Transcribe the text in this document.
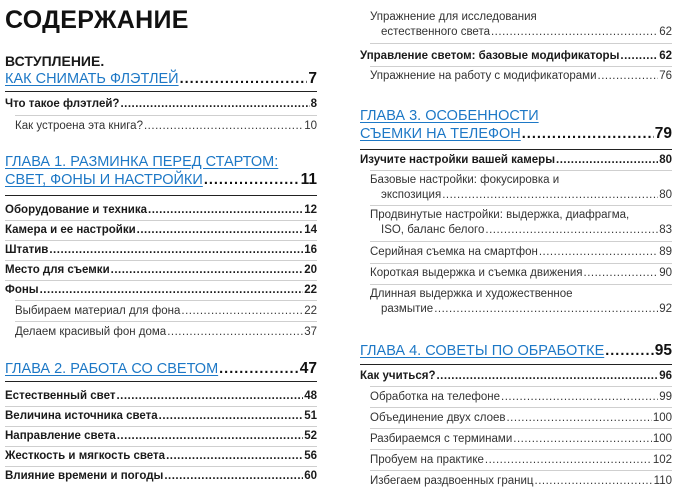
СОДЕРЖАНИЕ
ВСТУПЛЕНИЕ.
КАК СНИМАТЬ ФЛЭТЛЕЙ .....	7
Что такое флэтлей? .....	8
Как устроена эта книга? .....	10
ГЛАВА 1. РАЗМИНКА ПЕРЕД СТАРТОМ:
СВЕТ, ФОНЫ И НАСТРОЙКИ .....	11
Оборудование и техника .....	12
Камера и ее настройки .....	14
Штатив .....	16
Место для съемки .....	20
Фоны .....	22
Выбираем материал для фона .....	22
Делаем красивый фон дома .....	37
ГЛАВА 2. РАБОТА СО СВЕТОМ .....	47
Естественный свет .....	48
Величина источника света .....	51
Направление света .....	52
Жесткость и мягкость света .....	56
Влияние времени и погоды .....	60
Упражнение для исследования
естественного света .....	62
Управление светом: базовые модификаторы .....	62
Упражнение на работу с модификаторами .....	76
ГЛАВА 3. ОСОБЕННОСТИ
СЪЕМКИ НА ТЕЛЕФОН .....	79
Изучите настройки вашей камеры .....	80
Базовые настройки: фокусировка и
экспозиция .....	80
Продвинутые настройки: выдержка, диафрагма,
ISO, баланс белого .....	83
Серийная съемка на смартфон .....	89
Короткая выдержка и съемка движения .....	90
Длинная выдержка и художественное
размытие .....	92
ГЛАВА 4. СОВЕТЫ ПО ОБРАБОТКЕ .....	95
Как учиться? .....	96
Обработка на телефоне .....	99
Объединение двух слоев .....	100
Разбираемся с терминами .....	100
Пробуем на практике .....	102
Избегаем раздвоенных границ .....	110
